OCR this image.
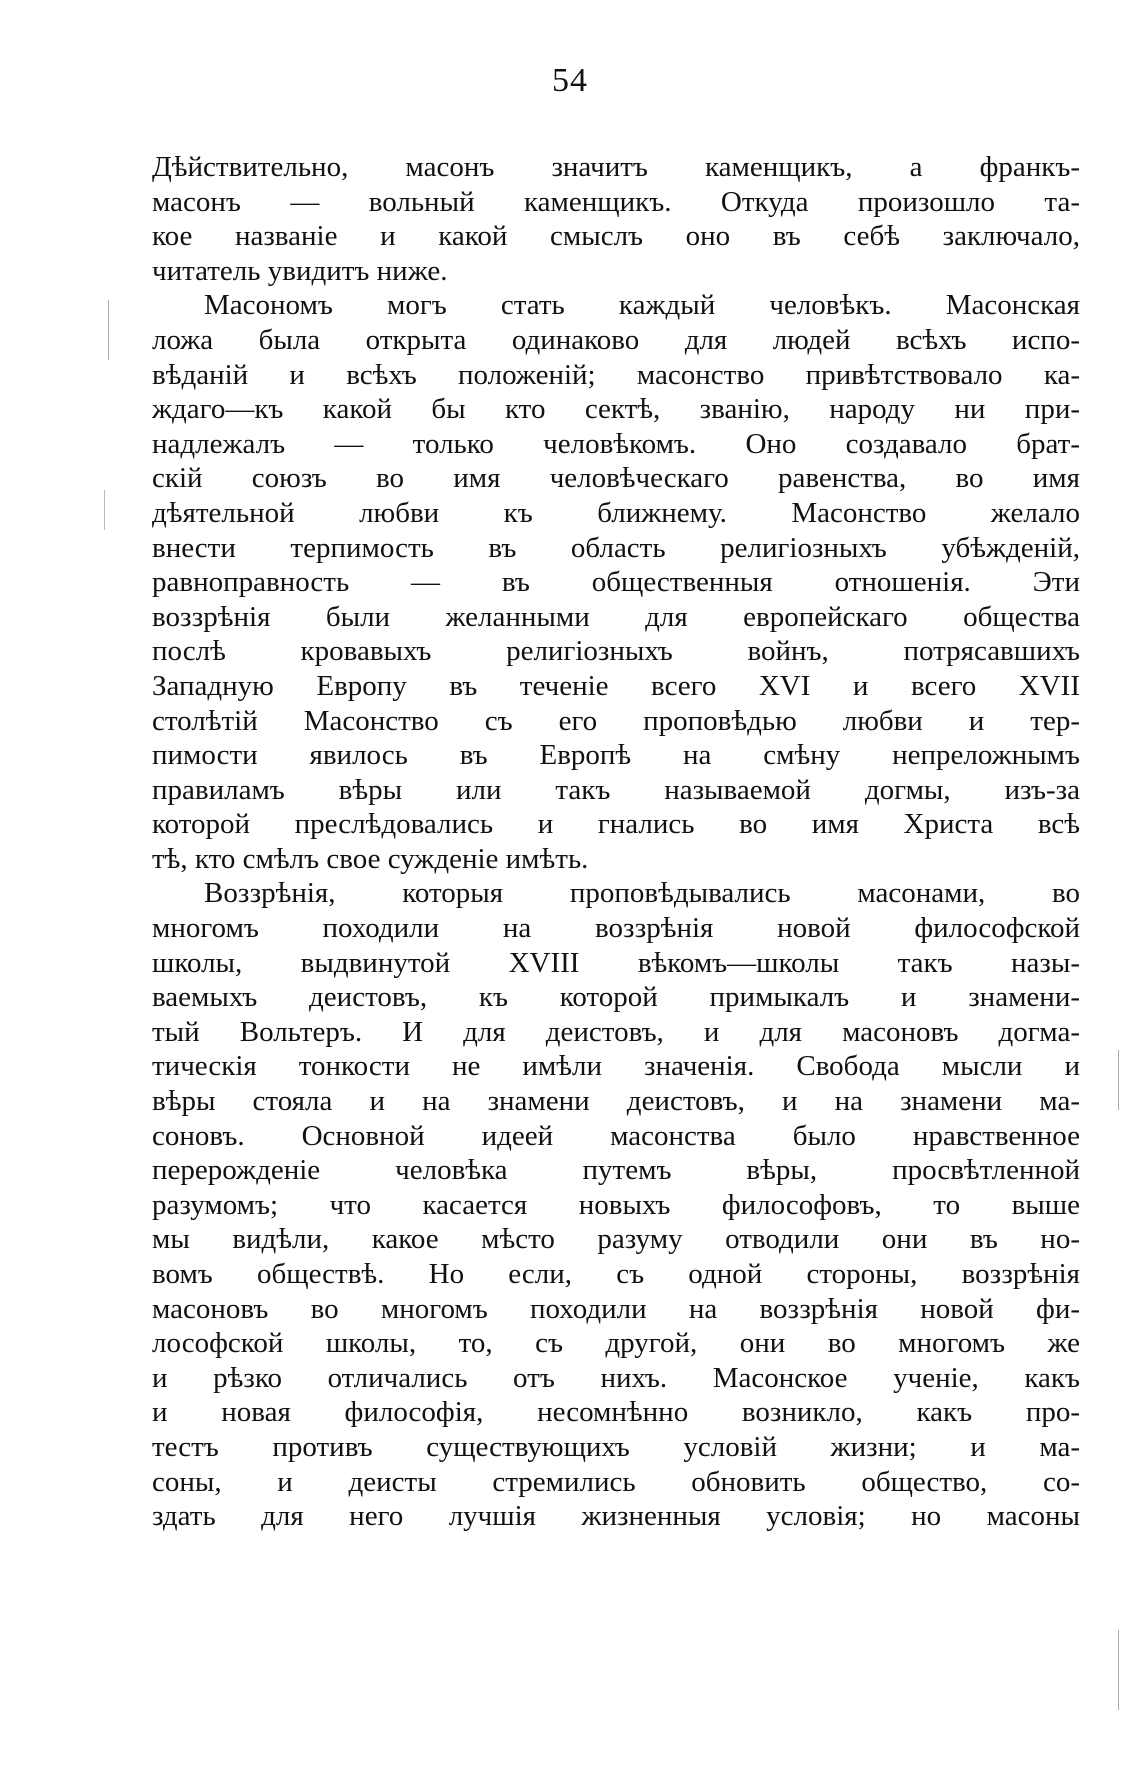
54
Дѣйствительно, масонъ значитъ каменщикъ, а франкъ-
масонъ — вольный каменщикъ. Откуда произошло та-
кое названіе и какой смыслъ оно въ себѣ заключало,
читатель увидитъ ниже.
Масономъ могъ стать каждый человѣкъ. Масонская
ложа была открыта одинаково для людей всѣхъ испо-
вѣданій и всѣхъ положеній; масонство привѣтствовало ка-
ждаго—къ какой бы кто сектѣ, званію, народу ни при-
надлежалъ — только человѣкомъ. Оно создавало брат-
скій союзъ во имя человѣческаго равенства, во имя
дѣятельной любви къ ближнему. Масонство желало
внести терпимость въ область религіозныхъ убѣжденій,
равноправность — въ общественныя отношенія. Эти
воззрѣнія были желанными для европейскаго общества
послѣ кровавыхъ религіозныхъ войнъ, потрясавшихъ
Западную Европу въ теченіе всего XVI и всего XVII
столѣтій Масонство съ его проповѣдью любви и тер-
пимости явилось въ Европѣ на смѣну непреложнымъ
правиламъ вѣры или такъ называемой догмы, изъ-за
которой преслѣдовались и гнались во имя Христа всѣ
тѣ, кто смѣлъ свое сужденіе имѣть.
Воззрѣнія, которыя проповѣдывались масонами, во
многомъ походили на воззрѣнія новой философской
школы, выдвинутой XVIII вѣкомъ—школы такъ назы-
ваемыхъ деистовъ, къ которой примыкалъ и знамени-
тый Вольтеръ. И для деистовъ, и для масоновъ догма-
тическія тонкости не имѣли значенія. Свобода мысли и
вѣры стояла и на знамени деистовъ, и на знамени ма-
соновъ. Основной идеей масонства было нравственное
перерожденіе человѣка путемъ вѣры, просвѣтленной
разумомъ; что касается новыхъ философовъ, то выше
мы видѣли, какое мѣсто разуму отводили они въ но-
вомъ обществѣ. Но если, съ одной стороны, воззрѣнія
масоновъ во многомъ походили на воззрѣнія новой фи-
лософской школы, то, съ другой, они во многомъ же
и рѣзко отличались отъ нихъ. Масонское ученіе, какъ
и новая философія, несомнѣнно возникло, какъ про-
тестъ противъ существующихъ условій жизни; и ма-
соны, и деисты стремились обновить общество, со-
здать для него лучшія жизненныя условія; но масоны
